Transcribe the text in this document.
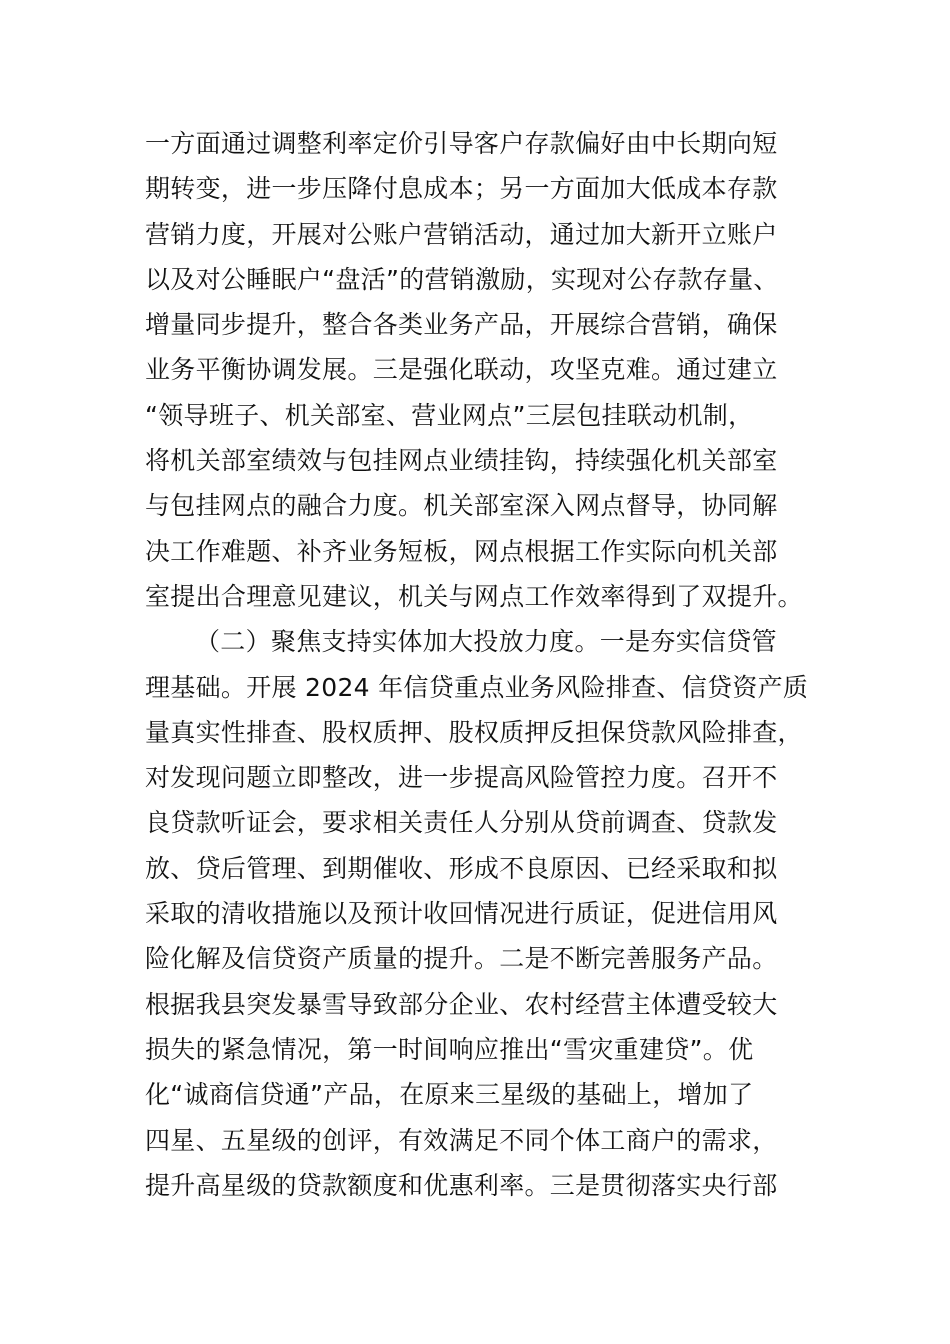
一方面通过调整利率定价引导客户存款偏好由中长期向短
期转变，进一步压降付息成本；另一方面加大低成本存款
营销力度，开展对公账户营销活动，通过加大新开立账户
以及对公睡眠户“盘活”的营销激励，实现对公存款存量、
增量同步提升，整合各类业务产品，开展综合营销，确保
业务平衡协调发展。三是强化联动，攻坚克难。通过建立
“领导班子、机关部室、营业网点”三层包挂联动机制，
将机关部室绩效与包挂网点业绩挂钩，持续强化机关部室
与包挂网点的融合力度。机关部室深入网点督导，协同解
决工作难题、补齐业务短板，网点根据工作实际向机关部
室提出合理意见建议，机关与网点工作效率得到了双提升。
（二）聚焦支持实体加大投放力度。一是夯实信贷管
理基础。开展 2024 年信贷重点业务风险排查、信贷资产质
量真实性排查、股权质押、股权质押反担保贷款风险排查，
对发现问题立即整改，进一步提高风险管控力度。召开不
良贷款听证会，要求相关责任人分别从贷前调查、贷款发
放、贷后管理、到期催收、形成不良原因、已经采取和拟
采取的清收措施以及预计收回情况进行质证，促进信用风
险化解及信贷资产质量的提升。二是不断完善服务产品。
根据我县突发暴雪导致部分企业、农村经营主体遭受较大
损失的紧急情况，第一时间响应推出“雪灾重建贷”。优
化“诚商信贷通”产品，在原来三星级的基础上，增加了
四星、五星级的创评，有效满足不同个体工商户的需求，
提升高星级的贷款额度和优惠利率。三是贯彻落实央行部
